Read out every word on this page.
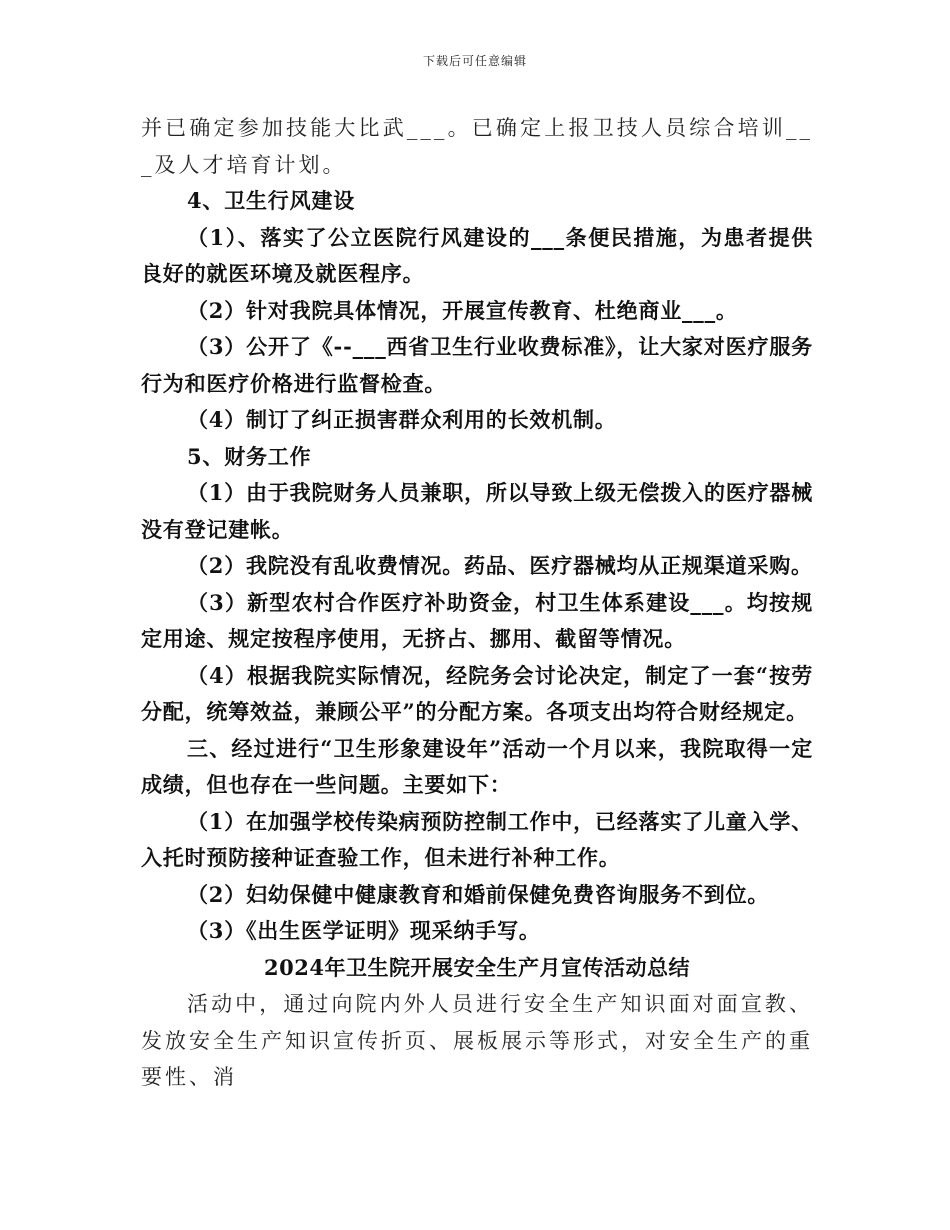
下载后可任意编辑

并已确定参加技能大比武___。已确定上报卫技人员综合培训___及人才培育计划。

4、卫生行风建设

（1）、落实了公立医院行风建设的___条便民措施，为患者提供良好的就医环境及就医程序。

（2）针对我院具体情况，开展宣传教育、杜绝商业___。

（3）公开了《--___西省卫生行业收费标准》，让大家对医疗服务行为和医疗价格进行监督检查。

（4）制订了纠正损害群众利用的长效机制。

5、财务工作

（1）由于我院财务人员兼职，所以导致上级无偿拨入的医疗器械没有登记建帐。

（2）我院没有乱收费情况。药品、医疗器械均从正规渠道采购。

（3）新型农村合作医疗补助资金，村卫生体系建设___。均按规定用途、规定按程序使用，无挤占、挪用、截留等情况。

（4）根据我院实际情况，经院务会讨论决定，制定了一套“按劳分配，统筹效益，兼顾公平”的分配方案。各项支出均符合财经规定。

三、经过进行“卫生形象建设年”活动一个月以来，我院取得一定成绩，但也存在一些问题。主要如下：

（1）在加强学校传染病预防控制工作中，已经落实了儿童入学、入托时预防接种证查验工作，但未进行补种工作。

（2）妇幼保健中健康教育和婚前保健免费咨询服务不到位。

（3）《出生医学证明》现采纳手写。

2024年卫生院开展安全生产月宣传活动总结

活动中，通过向院内外人员进行安全生产知识面对面宣教、发放安全生产知识宣传折页、展板展示等形式，对安全生产的重要性、消
